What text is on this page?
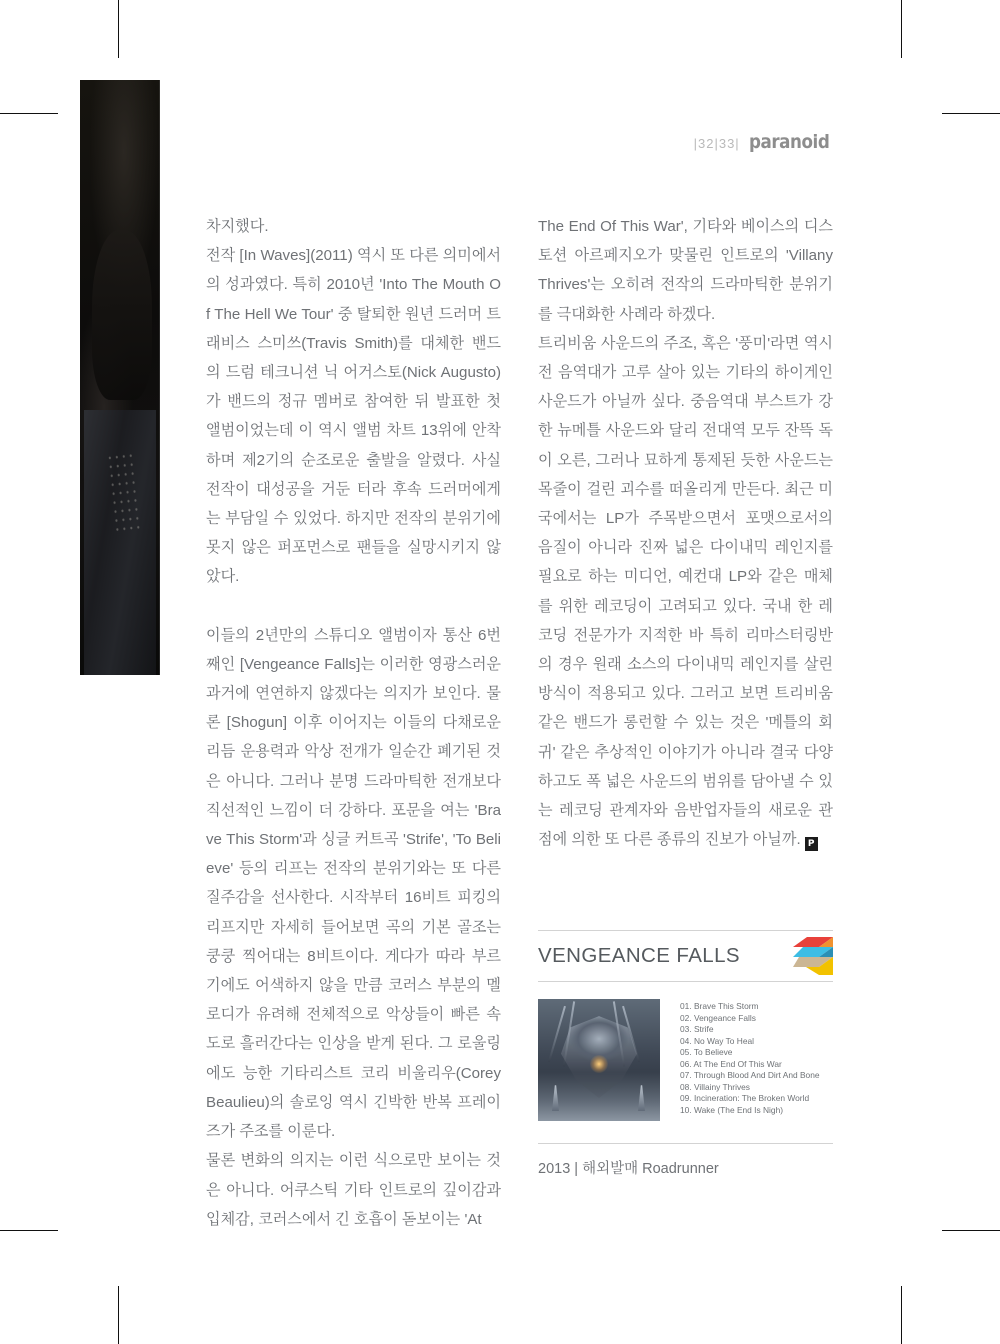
|32|33| paranoid

차지했다.

전작 [In Waves](2011) 역시 또 다른 의미에서의 성과였다. 특히 2010년 'Into The Mouth Of The Hell We Tour' 중 탈퇴한 원년 드러머 트래비스 스미쓰(Travis Smith)를 대체한 밴드의 드럼 테크니션 닉 어거스토(Nick Augusto)가 밴드의 정규 멤버로 참여한 뒤 발표한 첫 앨범이었는데 이 역시 앨범 차트 13위에 안착하며 제2기의 순조로운 출발을 알렸다. 사실 전작이 대성공을 거둔 터라 후속 드러머에게는 부담일 수 있었다. 하지만 전작의 분위기에 못지 않은 퍼포먼스로 팬들을 실망시키지 않았다.

이들의 2년만의 스튜디오 앨범이자 통산 6번째인 [Vengeance Falls]는 이러한 영광스러운 과거에 연연하지 않겠다는 의지가 보인다. 물론 [Shogun] 이후 이어지는 이들의 다채로운 리듬 운용력과 악상 전개가 일순간 폐기된 것은 아니다. 그러나 분명 드라마틱한 전개보다 직선적인 느낌이 더 강하다. 포문을 여는 'Brave This Storm'과 싱글 커트곡 'Strife', 'To Believe' 등의 리프는 전작의 분위기와는 또 다른 질주감을 선사한다. 시작부터 16비트 피킹의 리프지만 자세히 들어보면 곡의 기본 골조는 쿵쿵 찍어대는 8비트이다. 게다가 따라 부르기에도 어색하지 않을 만큼 코러스 부분의 멜로디가 유려해 전체적으로 악상들이 빠른 속도로 흘러간다는 인상을 받게 된다. 그 로울링에도 능한 기타리스트 코리 비울리우(Corey Beaulieu)의 솔로잉 역시 긴박한 반복 프레이즈가 주조를 이룬다.

물론 변화의 의지는 이런 식으로만 보이는 것은 아니다. 어쿠스틱 기타 인트로의 깊이감과 입체감, 코러스에서 긴 호흡이 돋보이는 'At

The End Of This War', 기타와 베이스의 디스토션 아르페지오가 맞물린 인트로의 'Villany Thrives'는 오히려 전작의 드라마틱한 분위기를 극대화한 사례라 하겠다.

트리비움 사운드의 주조, 혹은 '풍미'라면 역시 전 음역대가 고루 살아 있는 기타의 하이게인 사운드가 아닐까 싶다. 중음역대 부스트가 강한 뉴메틀 사운드와 달리 전대역 모두 잔뜩 독이 오른, 그러나 묘하게 통제된 듯한 사운드는 목줄이 걸린 괴수를 떠올리게 만든다. 최근 미국에서는 LP가 주목받으면서 포맷으로서의 음질이 아니라 진짜 넓은 다이내믹 레인지를 필요로 하는 미디언, 예컨대 LP와 같은 매체를 위한 레코딩이 고려되고 있다. 국내 한 레코딩 전문가가 지적한 바 특히 리마스터링반의 경우 원래 소스의 다이내믹 레인지를 살린 방식이 적용되고 있다. 그러고 보면 트리비움 같은 밴드가 롱런할 수 있는 것은 '메틀의 회귀' 같은 추상적인 이야기가 아니라 결국 다양하고도 폭 넓은 사운드의 범위를 담아낼 수 있는 레코딩 관계자와 음반업자들의 새로운 관점에 의한 또 다른 종류의 진보가 아닐까. P

VENGEANCE FALLS
01. Brave This Storm
02. Vengeance Falls
03. Strife
04. No Way To Heal
05. To Believe
06. At The End Of This War
07. Through Blood And Dirt And Bone
08. Villainy Thrives
09. Incineration: The Broken World
10. Wake (The End Is Nigh)
2013 | 해외발매 Roadrunner
